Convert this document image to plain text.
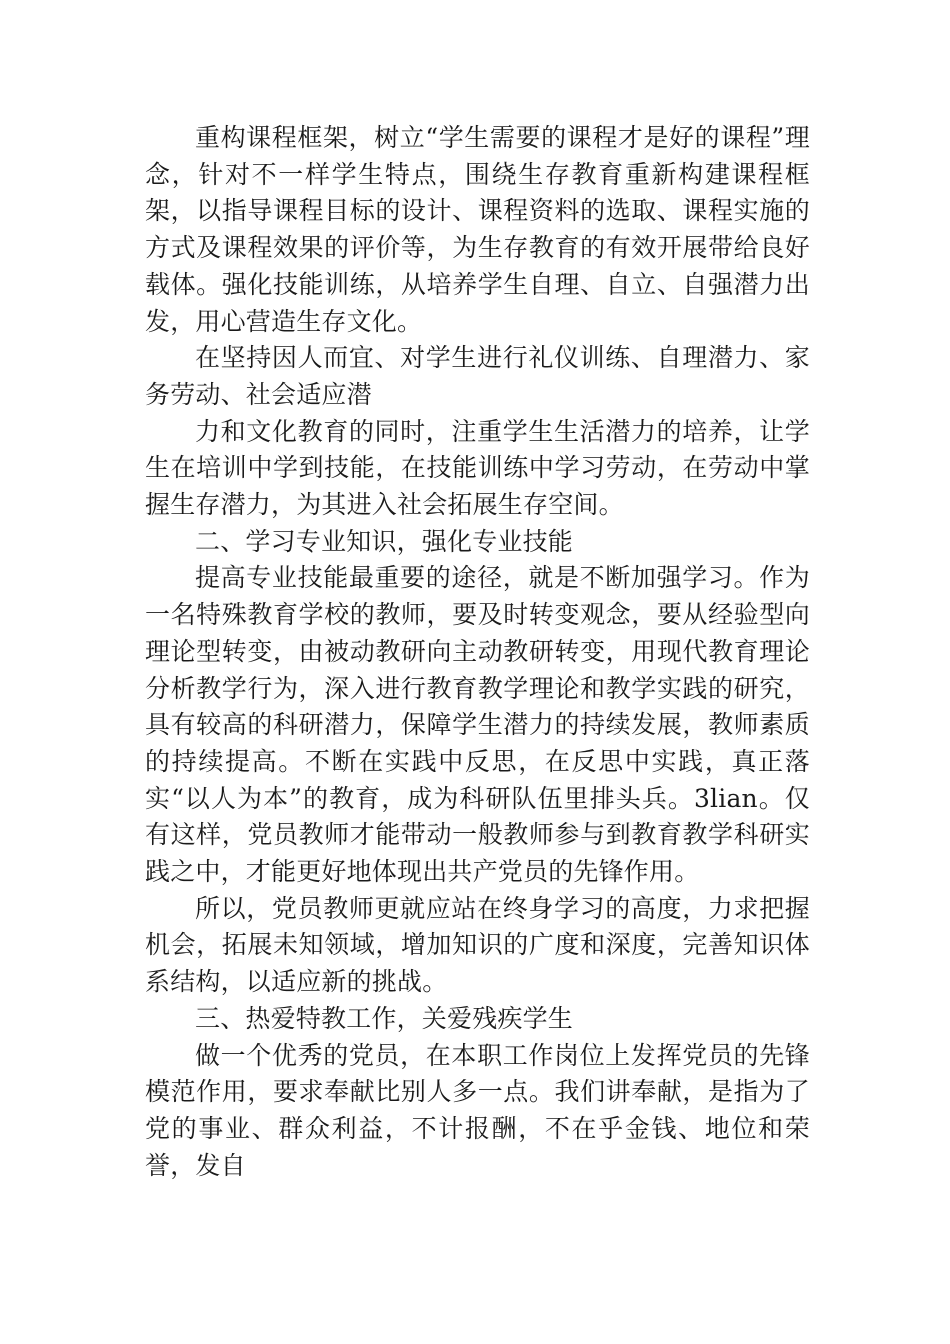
重构课程框架，树立“学生需要的课程才是好的课程”理念，针对不一样学生特点，围绕生存教育重新构建课程框架，以指导课程目标的设计、课程资料的选取、课程实施的方式及课程效果的评价等，为生存教育的有效开展带给良好载体。强化技能训练，从培养学生自理、自立、自强潜力出发，用心营造生存文化。

在坚持因人而宜、对学生进行礼仪训练、自理潜力、家务劳动、社会适应潜

力和文化教育的同时，注重学生生活潜力的培养，让学生在培训中学到技能，在技能训练中学习劳动，在劳动中掌握生存潜力，为其进入社会拓展生存空间。

二、学习专业知识，强化专业技能

提高专业技能最重要的途径，就是不断加强学习。作为一名特殊教育学校的教师，要及时转变观念，要从经验型向理论型转变，由被动教研向主动教研转变，用现代教育理论分析教学行为，深入进行教育教学理论和教学实践的研究，具有较高的科研潜力，保障学生潜力的持续发展，教师素质的持续提高。不断在实践中反思，在反思中实践，真正落实“以人为本”的教育，成为科研队伍里排头兵。3lian。仅有这样，党员教师才能带动一般教师参与到教育教学科研实践之中，才能更好地体现出共产党员的先锋作用。

所以，党员教师更就应站在终身学习的高度，力求把握机会，拓展未知领域，增加知识的广度和深度，完善知识体系结构，以适应新的挑战。

三、热爱特教工作，关爱残疾学生

做一个优秀的党员，在本职工作岗位上发挥党员的先锋模范作用，要求奉献比别人多一点。我们讲奉献，是指为了党的事业、群众利益，不计报酬，不在乎金钱、地位和荣誉，发自
